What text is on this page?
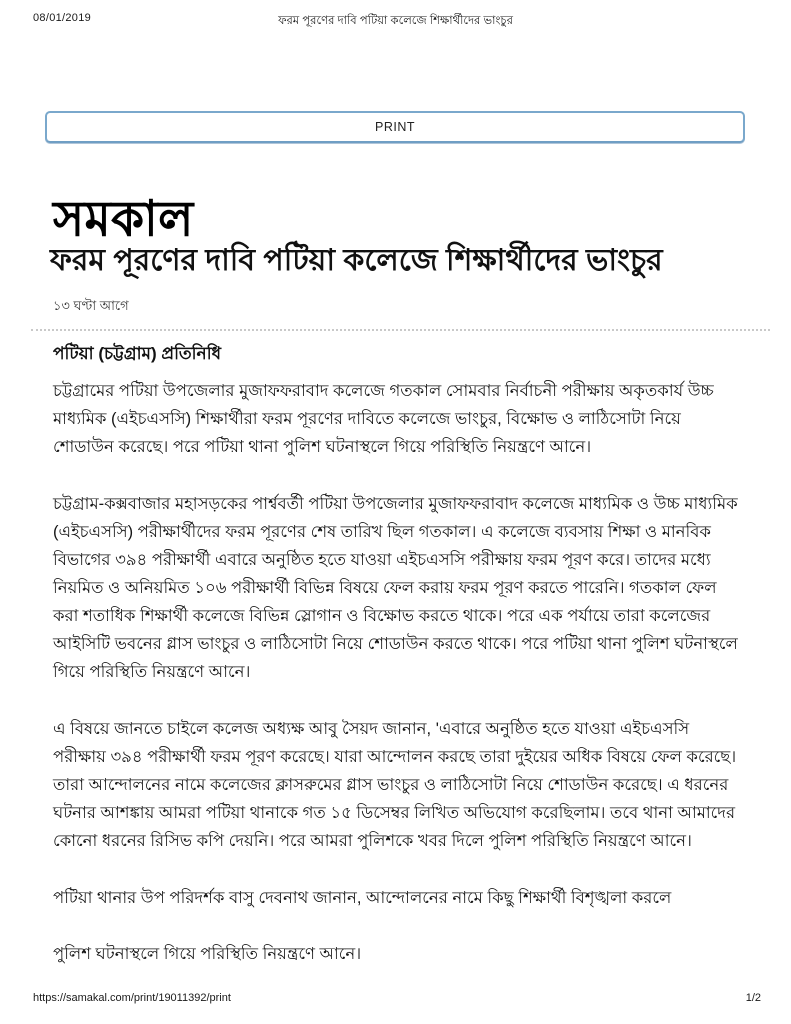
08/01/2019	ফরম পূরণের দাবি পটিয়া কলেজে শিক্ষার্থীদের ভাংচুর
PRINT
সমকাল
ফরম পূরণের দাবি পটিয়া কলেজে শিক্ষার্থীদের ভাংচুর
১৩ ঘণ্টা আগে
পটিয়া (চট্টগ্রাম) প্রতিনিধি

চট্টগ্রামের পটিয়া উপজেলার মুজাফফরাবাদ কলেজে গতকাল সোমবার নির্বাচনী পরীক্ষায় অকৃতকার্য উচ্চ মাধ্যমিক (এইচএসসি) শিক্ষার্থীরা ফরম পূরণের দাবিতে কলেজে ভাংচুর, বিক্ষোভ ও লাঠিসোটা নিয়ে শোডাউন করেছে। পরে পটিয়া থানা পুলিশ ঘটনাস্থলে গিয়ে পরিস্থিতি নিয়ন্ত্রণে আনে।

চট্টগ্রাম-কক্সবাজার মহাসড়কের পার্শ্ববর্তী পটিয়া উপজেলার মুজাফফরাবাদ কলেজে মাধ্যমিক ও উচ্চ মাধ্যমিক (এইচএসসি) পরীক্ষার্থীদের ফরম পূরণের শেষ তারিখ ছিল গতকাল। এ কলেজে ব্যবসায় শিক্ষা ও মানবিক বিভাগের ৩৯৪ পরীক্ষার্থী এবারে অনুষ্ঠিত হতে যাওয়া এইচএসসি পরীক্ষায় ফরম পূরণ করে। তাদের মধ্যে নিয়মিত ও অনিয়মিত ১০৬ পরীক্ষার্থী বিভিন্ন বিষয়ে ফেল করায় ফরম পূরণ করতে পারেনি। গতকাল ফেল করা শতাধিক শিক্ষার্থী কলেজে বিভিন্ন স্লোগান ও বিক্ষোভ করতে থাকে। পরে এক পর্যায়ে তারা কলেজের আইসিটি ভবনের গ্লাস ভাংচুর ও লাঠিসোটা নিয়ে শোডাউন করতে থাকে। পরে পটিয়া থানা পুলিশ ঘটনাস্থলে গিয়ে পরিস্থিতি নিয়ন্ত্রণে আনে।

এ বিষয়ে জানতে চাইলে কলেজ অধ্যক্ষ আবু সৈয়দ জানান, 'এবারে অনুষ্ঠিত হতে যাওয়া এইচএসসি পরীক্ষায় ৩৯৪ পরীক্ষার্থী ফরম পূরণ করেছে। যারা আন্দোলন করছে তারা দুইয়ের অধিক বিষয়ে ফেল করেছে। তারা আন্দোলনের নামে কলেজের ক্লাসরুমের গ্লাস ভাংচুর ও লাঠিসোটা নিয়ে শোডাউন করেছে। এ ধরনের ঘটনার আশঙ্কায় আমরা পটিয়া থানাকে গত ১৫ ডিসেম্বর লিখিত অভিযোগ করেছিলাম। তবে থানা আমাদের কোনো ধরনের রিসিভ কপি দেয়নি। পরে আমরা পুলিশকে খবর দিলে পুলিশ পরিস্থিতি নিয়ন্ত্রণে আনে।

পটিয়া থানার উপ পরিদর্শক বাসু দেবনাথ জানান, আন্দোলনের নামে কিছু শিক্ষার্থী বিশৃঙ্খলা করলে

পুলিশ ঘটনাস্থলে গিয়ে পরিস্থিতি নিয়ন্ত্রণে আনে।

https://samakal.com/print/19011392/print	1/2
